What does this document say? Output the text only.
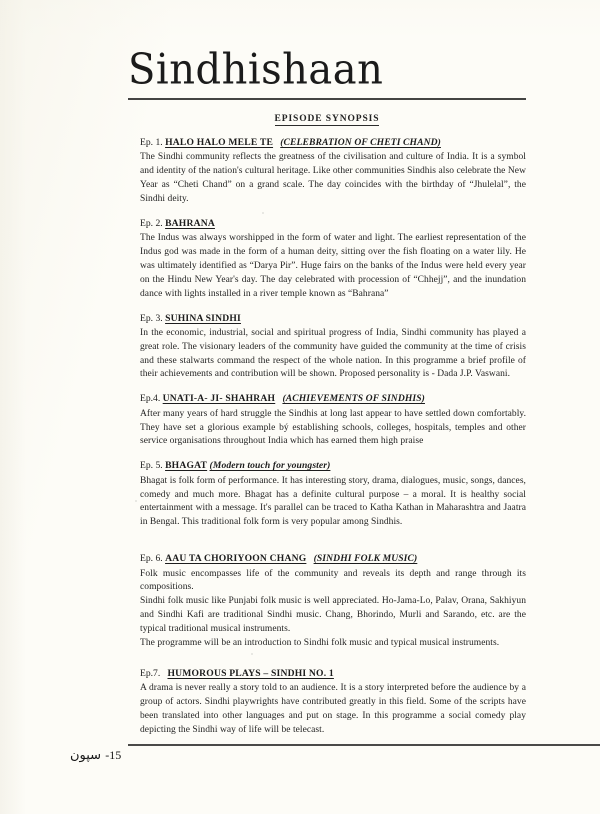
Sindhishaan
EPISODE SYNOPSIS
Ep. 1. HALO HALO MELE TE (CELEBRATION OF CHETI CHAND)

The Sindhi community reflects the greatness of the civilisation and culture of India. It is a symbol and identity of the nation's cultural heritage. Like other communities Sindhis also celebrate the New Year as “Cheti Chand” on a grand scale. The day coincides with the birthday of “Jhulelal”, the Sindhi deity.

Ep. 2. BAHRANA

The Indus was always worshipped in the form of water and light. The earliest representation of the Indus god was made in the form of a human deity, sitting over the fish floating on a water lily. He was ultimately identified as “Darya Pir”. Huge fairs on the banks of the Indus were held every year on the Hindu New Year's day. The day celebrated with procession of “Chhejj”, and the inundation dance with lights installed in a river temple known as “Bahrana”

Ep. 3. SUHINA SINDHI

In the economic, industrial, social and spiritual progress of India, Sindhi community has played a great role. The visionary leaders of the community have guided the community at the time of crisis and these stalwarts command the respect of the whole nation. In this programme a brief profile of their achievements and contribution will be shown. Proposed personality is - Dada J.P. Vaswani.

Ep.4. UNATI-A- JI- SHAHRAH (ACHIEVEMENTS OF SINDHIS)

After many years of hard struggle the Sindhis at long last appear to have settled down comfortably. They have set a glorious example bý establishing schools, colleges, hospitals, temples and other service organisations throughout India which has earned them high praise

Ep. 5. BHAGAT (Modern touch for youngster)

Bhagat is folk form of performance. It has interesting story, drama, dialogues, music, songs, dances, comedy and much more. Bhagat has a definite cultural purpose – a moral. It is healthy social entertainment with a message. It's parallel can be traced to Katha Kathan in Maharashtra and Jaatra in Bengal. This traditional folk form is very popular among Sindhis.

Ep. 6. AAU TA CHORIYOON CHANG (SINDHI FOLK MUSIC)

Folk music encompasses life of the community and reveals its depth and range through its compositions.

Sindhi folk music like Punjabi folk music is well appreciated. Ho-Jama-Lo, Palav, Orana, Sakhiyun and Sindhi Kafi are traditional Sindhi music. Chang, Bhorindo, Murli and Sarando, etc. are the typical traditional musical instruments.

The programme will be an introduction to Sindhi folk music and typical musical instruments.

Ep.7. HUMOROUS PLAYS – SINDHI NO. 1

A drama is never really a story told to an audience. It is a story interpreted before the audience by a group of actors. Sindhi playwrights have contributed greatly in this field. Some of the scripts have been translated into other languages and put on stage. In this programme a social comedy play depicting the Sindhi way of life will be telecast.

51- سپون
